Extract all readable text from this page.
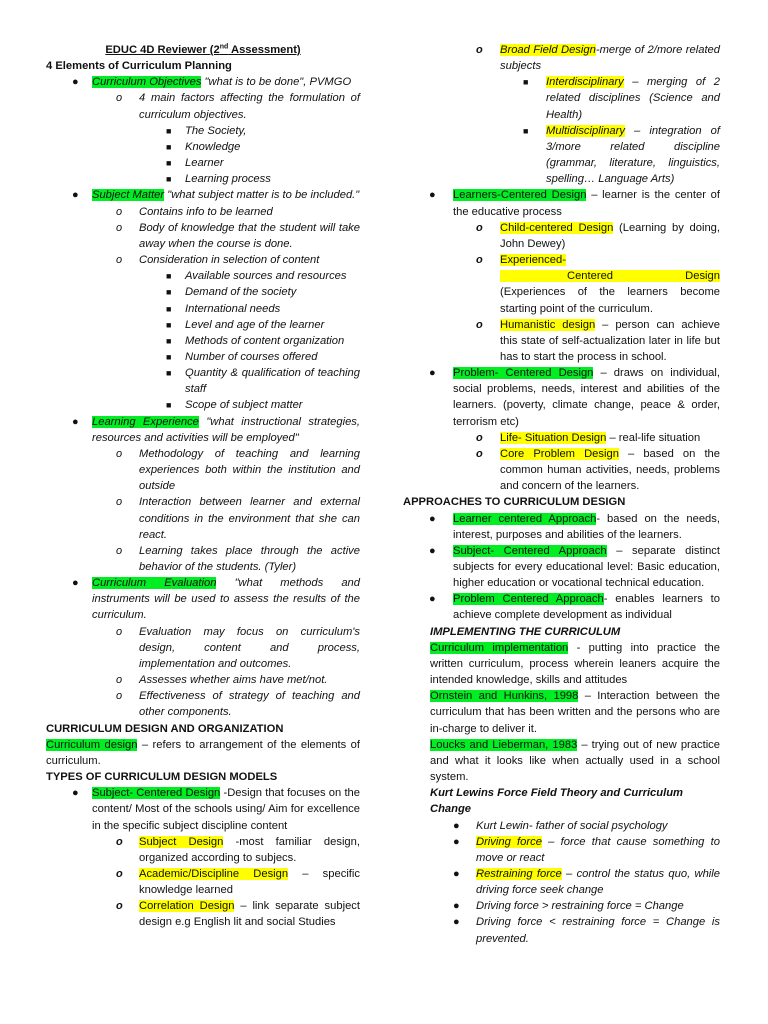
EDUC 4D Reviewer (2nd Assessment)
4 Elements of Curriculum Planning
● Curriculum Objectives "what is to be done", PVMGO
o 4 main factors affecting the formulation of curriculum objectives.
■ The Society,
■ Knowledge
■ Learner
■ Learning process
● Subject Matter "what subject matter is to be included."
o Contains info to be learned
o Body of knowledge that the student will take away when the course is done.
o Consideration in selection of content
■ Available sources and resources
■ Demand of the society
■ International needs
■ Level and age of the learner
■ Methods of content organization
■ Number of courses offered
■ Quantity & qualification of teaching staff
■ Scope of subject matter
● Learning Experience "what instructional strategies, resources and activities will be employed"
o Methodology of teaching and learning experiences both within the institution and outside
o Interaction between learner and external conditions in the environment that she can react.
o Learning takes place through the active behavior of the students. (Tyler)
● Curriculum Evaluation "what methods and instruments will be used to assess the results of the curriculum.
o Evaluation may focus on curriculum's design, content and process, implementation and outcomes.
o Assesses whether aims have met/not.
o Effectiveness of strategy of teaching and other components.
CURRICULUM DESIGN AND ORGANIZATION
Curriculum design – refers to arrangement of the elements of curriculum.
TYPES OF CURRICULUM DESIGN MODELS
● Subject- Centered Design -Design that focuses on the content/ Most of the schools using/ Aim for excellence in the specific subject discipline content
o Subject Design -most familiar design, organized according to subjecs.
o Academic/Discipline Design – specific knowledge learned
o Correlation Design – link separate subject design e.g English lit and social Studies
o Broad Field Design-merge of 2/more related subjects
■ Interdisciplinary – merging of 2 related disciplines (Science and Health)
■ Multidisciplinary – integration of 3/more related discipline (grammar, literature, linguistics, spelling… Language Arts)
● Learners-Centered Design – learner is the center of the educative process
o Child-centered Design (Learning by doing, John Dewey)
o Experienced-             Centered              Design (Experiences of the learners become starting point of the curriculum.
o Humanistic design – person can achieve this state of self-actualization later in life but has to start the process in school.
● Problem- Centered Design – draws on individual, social problems, needs, interest and abilities of the learners. (poverty, climate change, peace & order, terrorism etc)
o Life- Situation Design – real-life situation
o Core Problem Design – based on the common human activities, needs, problems and concern of the learners.
APPROACHES TO CURRICULUM DESIGN
● Learner centered Approach- based on the needs, interest, purposes and abilities of the learners.
● Subject- Centered Approach – separate distinct subjects for every educational level: Basic education, higher education or vocational technical education.
● Problem Centered Approach- enables learners to achieve complete development as individual
IMPLEMENTING THE CURRICULUM
Curriculum implementation - putting into practice the written curriculum, process wherein leaners acquire the intended knowledge, skills and attitudes
Ornstein and Hunkins, 1998 – Interaction between the curriculum that has been written and the persons who are in-charge to deliver it.
Loucks and Lieberman, 1983 – trying out of new practice and what it looks like when actually used in a school system.
Kurt Lewins Force Field Theory and Curriculum Change
● Kurt Lewin- father of social psychology
● Driving force – force that cause something to move or react
● Restraining force – control the status quo, while driving force seek change
● Driving force > restraining force = Change
● Driving force < restraining force = Change is prevented.
